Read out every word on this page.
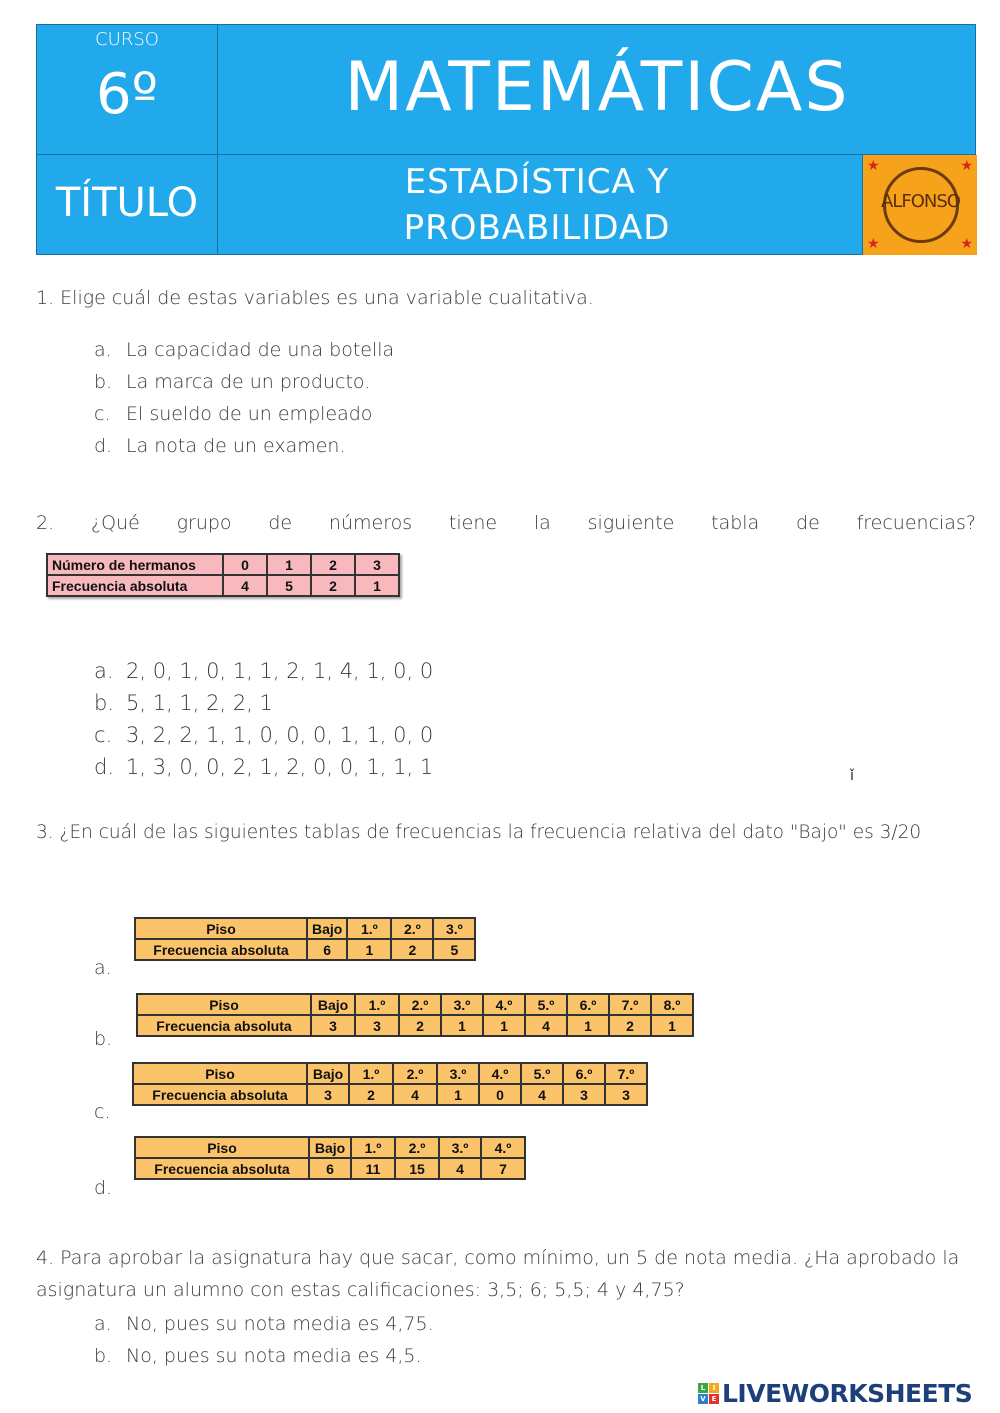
CURSO
6º	MATEMÁTICAS
TÍTULO	ESTADÍSTICA Y
PROBABILIDAD
★	★
★	★
ALFONSO
1. Elige cuál de estas variables es una variable cualitativa.
a. La capacidad de una botella
b. La marca de un producto.
c. El sueldo de un empleado
d. La nota de un examen.
2. ¿Qué grupo de números tiene la siguiente tabla de frecuencias?
Número de hermanos	0	1	2	3
Frecuencia absoluta	4	5	2	1
a. 2, 0, 1, 0, 1, 1, 2, 1, 4, 1, 0, 0
b. 5, 1, 1, 2, 2, 1
c. 3, 2, 2, 1, 1, 0, 0, 0, 1, 1, 0, 0
d. 1, 3, 0, 0, 2, 1, 2, 0, 0, 1, 1, 1	ǐ
3. ¿En cuál de las siguientes tablas de frecuencias la frecuencia relativa del dato "Bajo" es 3/20
Piso	Bajo	1.º	2.º	3.º
Frecuencia absoluta	6	1	2	5
a.
Piso	Bajo	1.º	2.º	3.º	4.º	5.º	6.º	7.º	8.º
Frecuencia absoluta	3	3	2	1	1	4	1	2	1
b.
Piso	Bajo	1.º	2.º	3.º	4.º	5.º	6.º	7.º
Frecuencia absoluta	3	2	4	1	0	4	3	3
c.
Piso	Bajo	1.º	2.º	3.º	4.º
Frecuencia absoluta	6	11	15	4	7
d.
4. Para aprobar la asignatura hay que sacar, como mínimo, un 5 de nota media. ¿Ha aprobado la
asignatura un alumno con estas calificaciones: 3,5; 6; 5,5; 4 y 4,75?
a. No, pues su nota media es 4,75.
b. No, pues su nota media es 4,5.
L	I
V E LIVEWORKSHEETS
